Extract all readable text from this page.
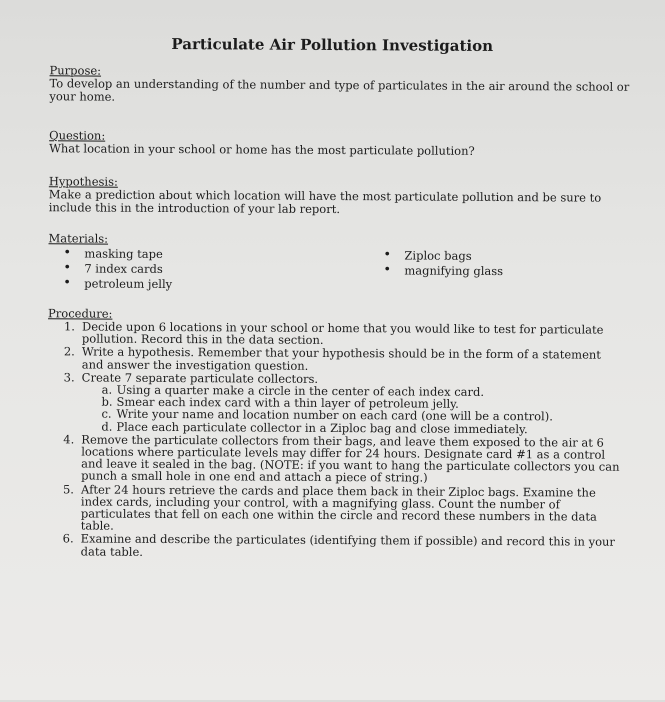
Particulate Air Pollution Investigation

Purpose:

To develop an understanding of the number and type of particulates in the air around the school or your home.

Question:

What location in your school or home has the most particulate pollution?

Hypothesis:

Make a prediction about which location will have the most particulate pollution and be sure to include this in the introduction of your lab report.

Materials:

• masking tape
• 7 index cards
• petroleum jelly
• Ziploc bags
• magnifying glass

Procedure:

1. Decide upon 6 locations in your school or home that you would like to test for particulate pollution. Record this in the data section.
2. Write a hypothesis. Remember that your hypothesis should be in the form of a statement and answer the investigation question.
3. Create 7 separate particulate collectors.
a. Using a quarter make a circle in the center of each index card.
b. Smear each index card with a thin layer of petroleum jelly.
c. Write your name and location number on each card (one will be a control).
d. Place each particulate collector in a Ziploc bag and close immediately.
4. Remove the particulate collectors from their bags, and leave them exposed to the air at 6 locations where particulate levels may differ for 24 hours. Designate card #1 as a control and leave it sealed in the bag. (NOTE: if you want to hang the particulate collectors you can punch a small hole in one end and attach a piece of string.)
5. After 24 hours retrieve the cards and place them back in their Ziploc bags. Examine the index cards, including your control, with a magnifying glass. Count the number of particulates that fell on each one within the circle and record these numbers in the data table.
6. Examine and describe the particulates (identifying them if possible) and record this in your data table.
